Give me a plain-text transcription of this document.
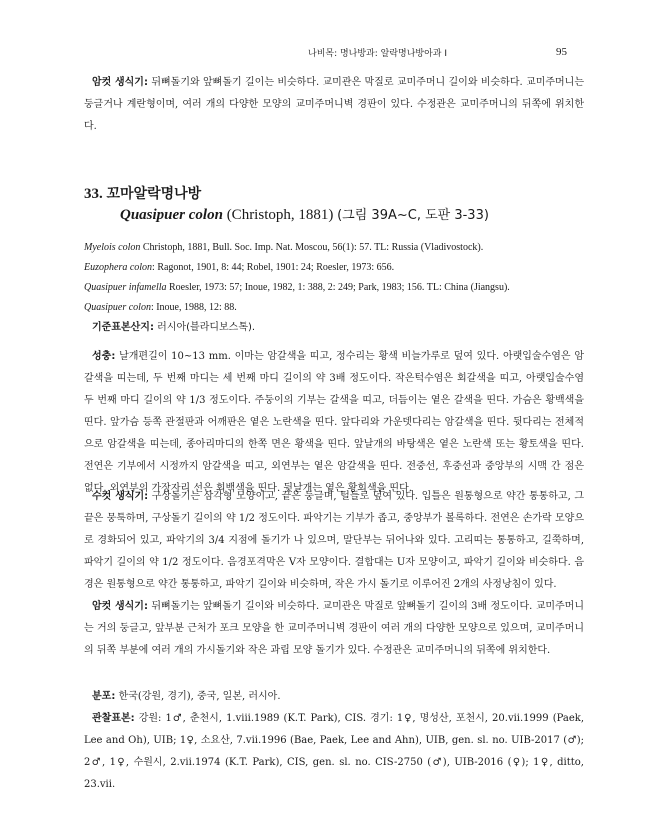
나비목: 명나방과: 알락명나방아과 I	95
암컷 생식기: 뒤뼈돌기와 앞뼈돌기 길이는 비슷하다. 교미관은 막질로 교미주머니 길이와 비슷하다. 교미주머니는 둥글거나 계란형이며, 여러 개의 다양한 모양의 교미주머니벽 경판이 있다. 수정관은 교미주머니의 뒤쪽에 위치한다.
33. 꼬마알락명나방
Quasipuer colon (Christoph, 1881) (그림 39A~C, 도판 3-33)
Myelois colon Christoph, 1881, Bull. Soc. Imp. Nat. Moscou, 56(1): 57. TL: Russia (Vladivostock).
Euzophera colon: Ragonot, 1901, 8: 44; Robel, 1901: 24; Roesler, 1973: 656.
Quasipuer infamella Roesler, 1973: 57; Inoue, 1982, 1: 388, 2: 249; Park, 1983; 156. TL: China (Jiangsu).
Quasipuer colon: Inoue, 1988, 12: 88.
기준표본산지: 러시아(블라디보스톡).
성충: 날개편길이 10~13 mm. 이마는 암갈색을 띠고, 정수리는 황색 비늘가루로 덮여 있다. 아랫입술수염은 암갈색을 띠는데, 두 번째 마디는 세 번째 마디 길이의 약 3배 정도이다. 작은턱수염은 회갈색을 띠고, 아랫입술수염 두 번째 마디 길이의 약 1/3 정도이다. 주둥이의 기부는 갈색을 띠고, 더듬이는 옅은 갈색을 띤다. 가슴은 황백색을 띤다. 앞가슴 등쪽 관절판과 어깨판은 옅은 노란색을 띤다. 앞다리와 가운뎃다리는 암갈색을 띤다. 뒷다리는 전체적으로 암갈색을 띠는데, 종아리마디의 한쪽 면은 황색을 띤다. 앞날개의 바탕색은 옅은 노란색 또는 황토색을 띤다. 전연은 기부에서 시정까지 암갈색을 띠고, 외연부는 옅은 암갈색을 띤다. 전중선, 후중선과 중앙부의 시맥 간 점은 없다. 외연부의 가장자리 선은 회백색을 띤다. 뒷날개는 옅은 황회색을 띤다.
수컷 생식기: 구상돌기는 삼각형 모양이고, 끝은 둥글며, 털들로 덮여 있다. 입틀은 원통형으로 약간 통통하고, 그 끝은 뭉툭하며, 구상돌기 길이의 약 1/2 정도이다. 파악기는 기부가 좁고, 중앙부가 볼록하다. 전연은 손가락 모양으로 경화되어 있고, 파악기의 3/4 지점에 돌기가 나 있으며, 말단부는 뒤어나와 있다. 고리띠는 통통하고, 길쭉하며, 파악기 길이의 약 1/2 정도이다. 음경포격막은 V자 모양이다. 결합대는 U자 모양이고, 파악기 길이와 비슷하다. 음경은 원통형으로 약간 통통하고, 파악기 길이와 비슷하며, 작은 가시 돌기로 이루어진 2개의 사정낭침이 있다.
암컷 생식기: 뒤뼈돌기는 앞뼈돌기 길이와 비슷하다. 교미관은 막질로 앞뼈돌기 길이의 3배 정도이다. 교미주머니는 거의 둥글고, 앞부분 근처가 포크 모양을 한 교미주머니벽 경판이 여러 개의 다양한 모양으로 있으며, 교미주머니의 뒤쪽 부분에 여러 개의 가시돌기와 작은 과립 모양 돌기가 있다. 수정관은 교미주머니의 뒤쪽에 위치한다.
분포: 한국(강원, 경기), 중국, 일본, 러시아.
관찰표본: 강원: 1♂, 춘천시, 1.viii.1989 (K.T. Park), CIS. 경기: 1♀, 명성산, 포천시, 20.vii.1999 (Paek, Lee and Oh), UIB; 1♀, 소요산, 7.vii.1996 (Bae, Paek, Lee and Ahn), UIB, gen. sl. no. UIB-2017 (♂); 2♂, 1♀, 수원시, 2.vii.1974 (K.T. Park), CIS, gen. sl. no. CIS-2750 (♂), UIB-2016 (♀); 1♀, ditto, 23.vii.
